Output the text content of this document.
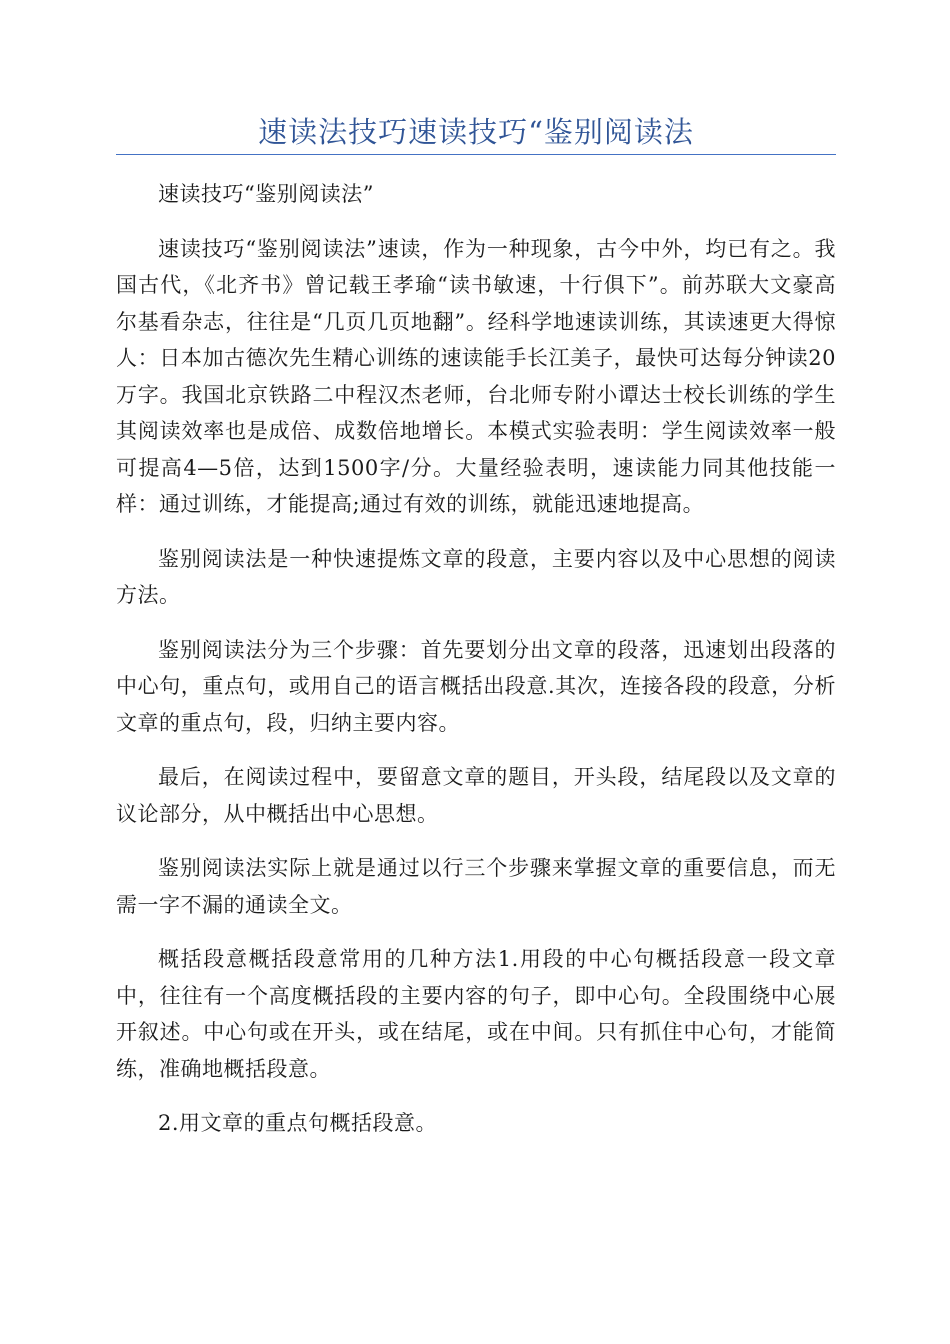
速读法技巧速读技巧“鉴别阅读法

速读技巧“鉴别阅读法”

速读技巧“鉴别阅读法”速读，作为一种现象，古今中外，均已有之。我国古代，《北齐书》曾记载王孝瑜“读书敏速，十行俱下”。前苏联大文豪高尔基看杂志，往往是“几页几页地翻”。经科学地速读训练，其读速更大得惊人：日本加古德次先生精心训练的速读能手长江美子，最快可达每分钟读20万字。我国北京铁路二中程汉杰老师，台北师专附小谭达士校长训练的学生其阅读效率也是成倍、成数倍地增长。本模式实验表明：学生阅读效率一般可提高4—5倍，达到1500字/分。大量经验表明，速读能力同其他技能一样：通过训练，才能提高;通过有效的训练，就能迅速地提高。

鉴别阅读法是一种快速提炼文章的段意，主要内容以及中心思想的阅读方法。

鉴别阅读法分为三个步骤：首先要划分出文章的段落，迅速划出段落的中心句，重点句，或用自己的语言概括出段意.其次，连接各段的段意，分析文章的重点句，段，归纳主要内容。

最后，在阅读过程中，要留意文章的题目，开头段，结尾段以及文章的议论部分，从中概括出中心思想。

鉴别阅读法实际上就是通过以行三个步骤来掌握文章的重要信息，而无需一字不漏的通读全文。

概括段意概括段意常用的几种方法1.用段的中心句概括段意一段文章中，往往有一个高度概括段的主要内容的句子，即中心句。全段围绕中心展开叙述。中心句或在开头，或在结尾，或在中间。只有抓住中心句，才能简练，准确地概括段意。

2.用文章的重点句概括段意。
